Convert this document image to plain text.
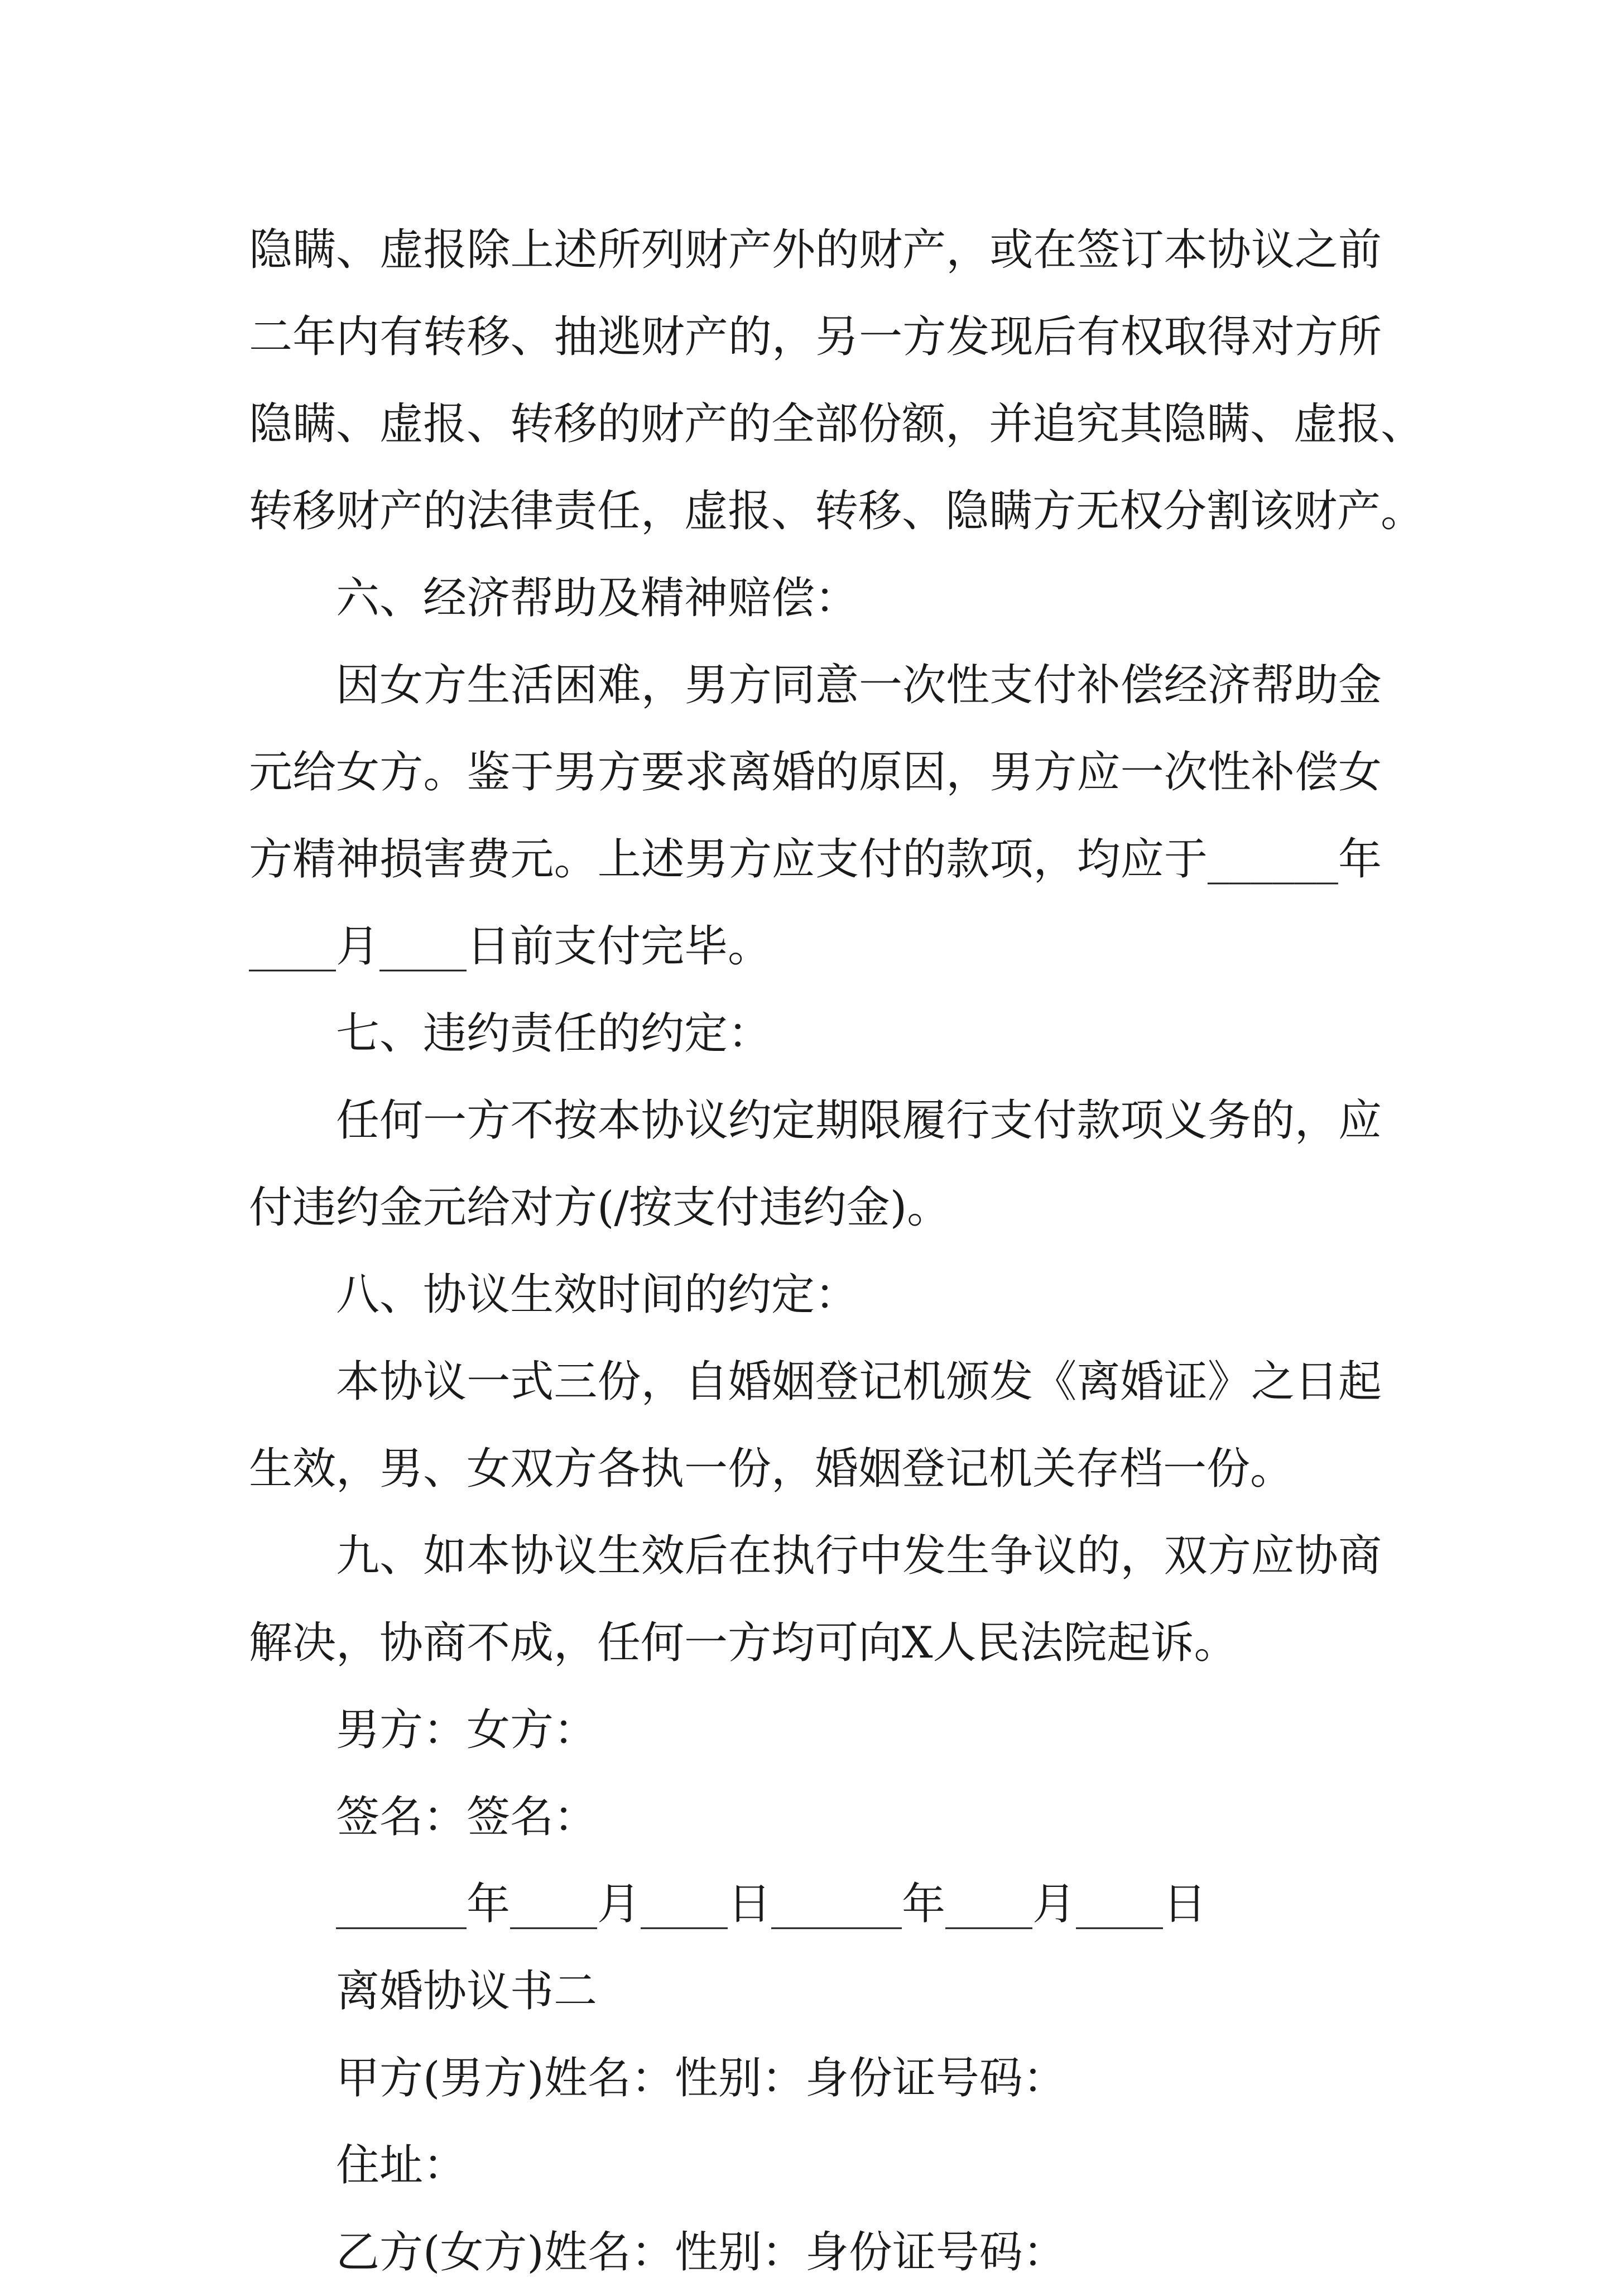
隐瞒、虚报除上述所列财产外的财产，或在签订本协议之前
二年内有转移、抽逃财产的，另一方发现后有权取得对方所
隐瞒、虚报、转移的财产的全部份额，并追究其隐瞒、虚报、
转移财产的法律责任，虚报、转移、隐瞒方无权分割该财产。
六、经济帮助及精神赔偿：
因女方生活困难，男方同意一次性支付补偿经济帮助金
元给女方。鉴于男方要求离婚的原因，男方应一次性补偿女
方精神损害费元。上述男方应支付的款项，均应于______年
____月____日前支付完毕。
七、违约责任的约定：
任何一方不按本协议约定期限履行支付款项义务的，应
付违约金元给对方(/按支付违约金)。
八、协议生效时间的约定：
本协议一式三份，自婚姻登记机颁发《离婚证》之日起
生效，男、女双方各执一份，婚姻登记机关存档一份。
九、如本协议生效后在执行中发生争议的，双方应协商
解决，协商不成，任何一方均可向X人民法院起诉。
男方：女方：
签名：签名：
______年____月____日______年____月____日
离婚协议书二
甲方(男方)姓名：性别：身份证号码：
住址：
乙方(女方)姓名：性别：身份证号码：
